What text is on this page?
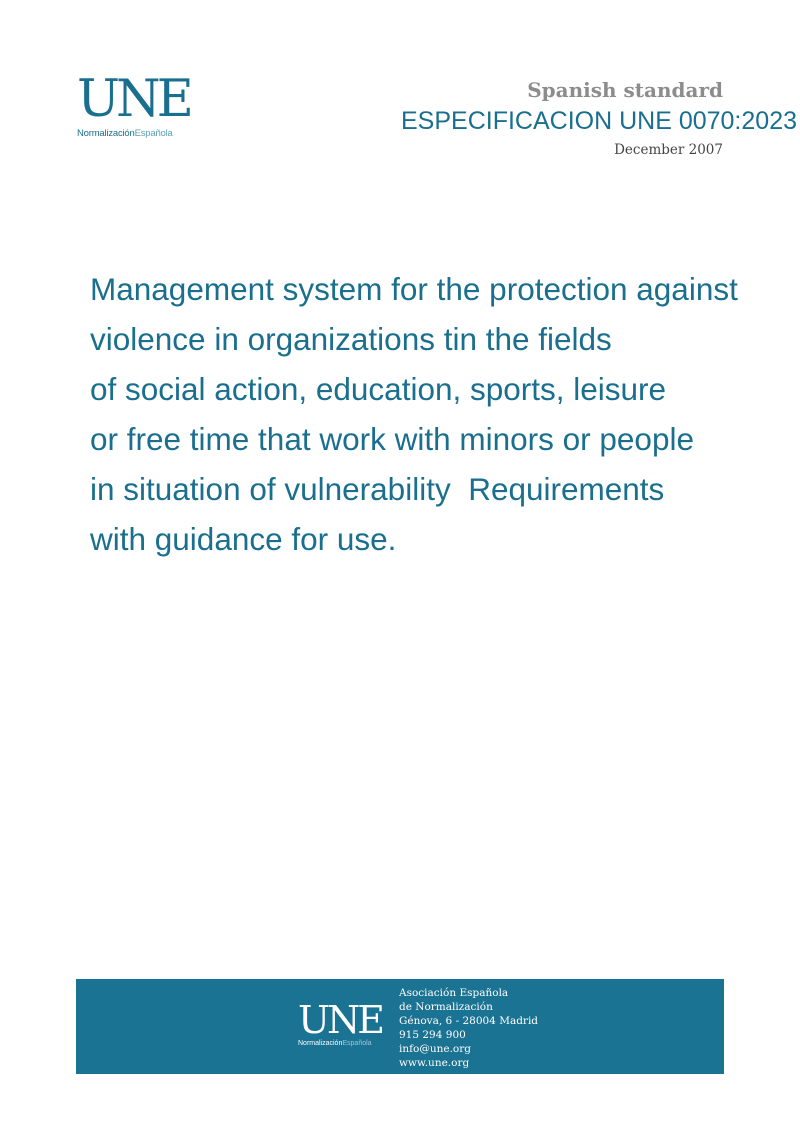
UNE
NormalizaciónEspañola
Spanish standard
ESPECIFICACION UNE 0070:2023
December 2007
Management system for the protection against
violence in organizations tin the fields
of social action, education, sports, leisure
or free time that work with minors or people
in situation of vulnerability  Requirements
with guidance for use.
UNE
NormalizaciónEspañola
Asociación Española
de Normalización
Génova, 6 - 28004 Madrid
915 294 900
info@une.org
www.une.org
